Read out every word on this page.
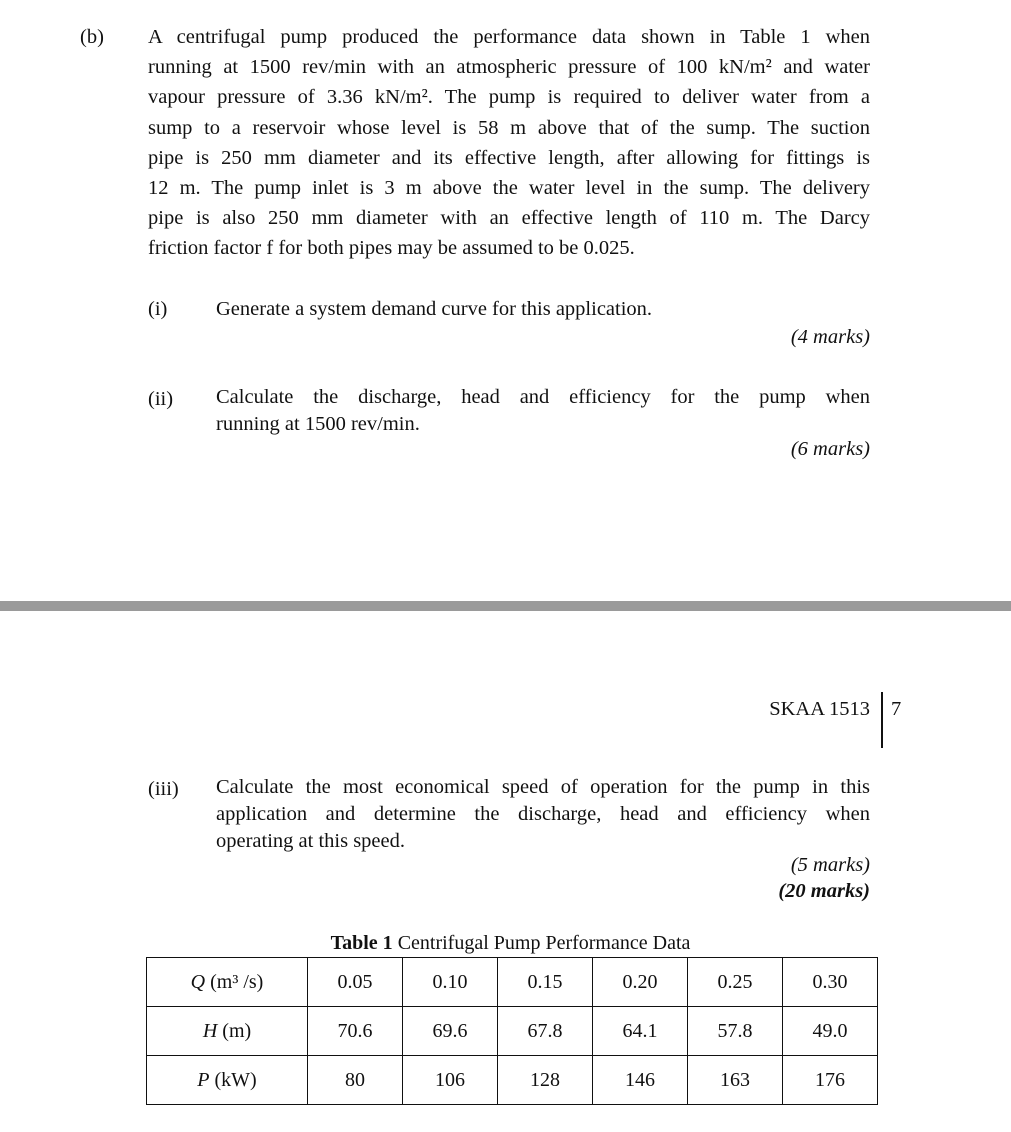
(b) A centrifugal pump produced the performance data shown in Table 1 when
running at 1500 rev/min with an atmospheric pressure of 100 kN/m² and water
vapour pressure of 3.36 kN/m². The pump is required to deliver water from a
sump to a reservoir whose level is 58 m above that of the sump. The suction
pipe is 250 mm diameter and its effective length, after allowing for fittings is
12 m. The pump inlet is 3 m above the water level in the sump. The delivery
pipe is also 250 mm diameter with an effective length of 110 m. The Darcy
friction factor f for both pipes may be assumed to be 0.025.
(i) Generate a system demand curve for this application.
(4 marks)
(ii) Calculate the discharge, head and efficiency for the pump when
running at 1500 rev/min.
(6 marks)
SKAA 1513 7
(iii) Calculate the most economical speed of operation for the pump in this
application and determine the discharge, head and efficiency when
operating at this speed.
(5 marks)
(20 marks)
Table 1 Centrifugal Pump Performance Data
Q (m³ /s)	0.05	0.10	0.15	0.20	0.25	0.30
H (m)	70.6	69.6	67.8	64.1	57.8	49.0
P (kW)	80	106	128	146	163	176
